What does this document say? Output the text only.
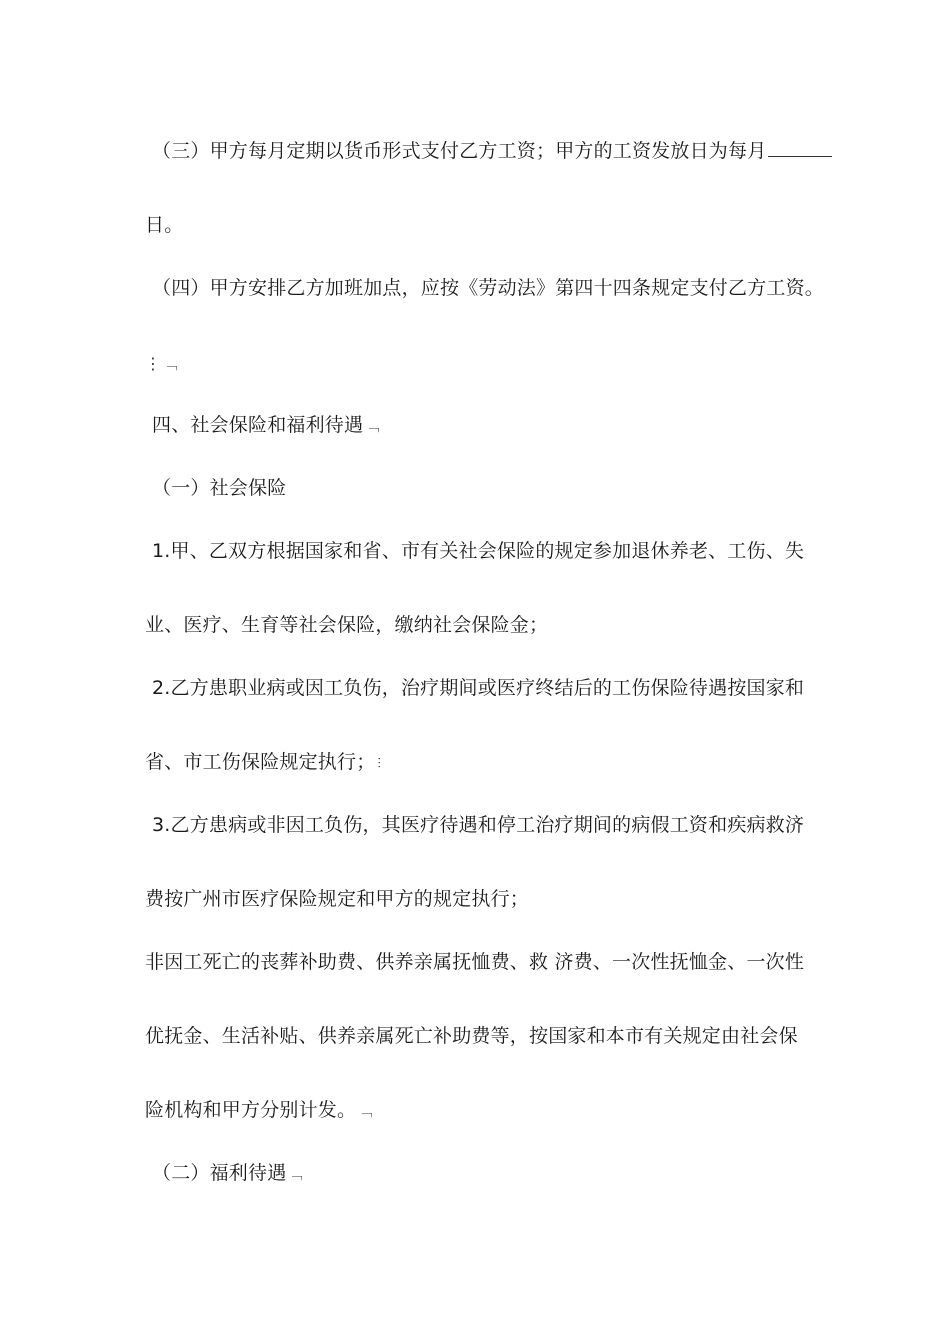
（三）甲方每月定期以货币形式支付乙方工资；甲方的工资发放日为每月
日。
（四）甲方安排乙方加班加点，应按《劳动法》第四十四条规定支付乙方工资。
⋮ ﹁
四、社会保险和福利待遇 ﹁
（一）社会保险
1.甲、乙双方根据国家和省、市有关社会保险的规定参加退休养老、工伤、失
业、医疗、生育等社会保险，缴纳社会保险金；
2.乙方患职业病或因工负伤，治疗期间或医疗终结后的工伤保险待遇按国家和
省、市工伤保险规定执行； ⫶
3.乙方患病或非因工负伤，其医疗待遇和停工治疗期间的病假工资和疾病救济
费按广州市医疗保险规定和甲方的规定执行；
非因工死亡的丧葬补助费、供养亲属抚恤费、救 济费、一次性抚恤金、一次性
优抚金、生活补贴、供养亲属死亡补助费等，按国家和本市有关规定由社会保
险机构和甲方分别计发。 ﹁
（二）福利待遇 ﹁
